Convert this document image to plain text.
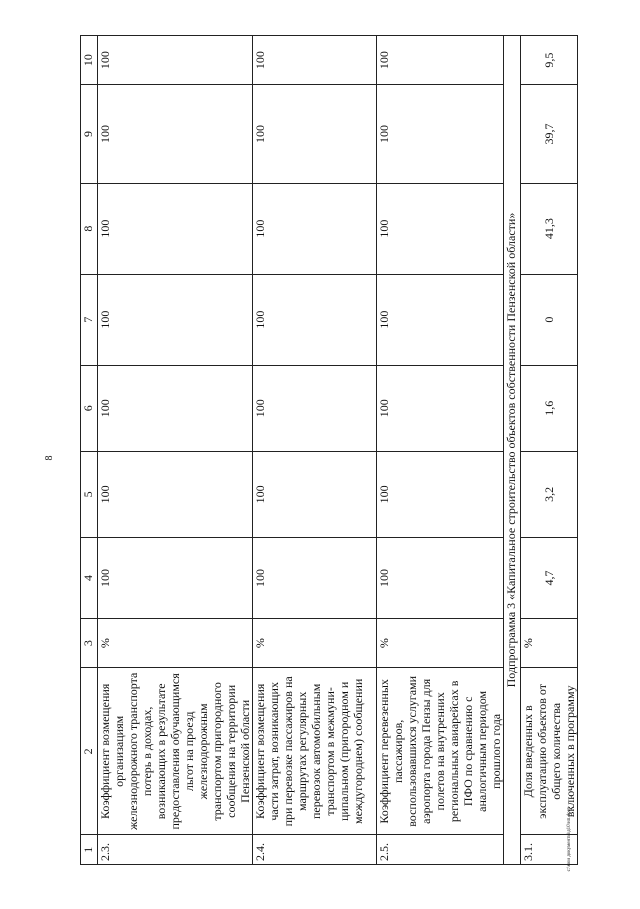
8
c:\мои документы\д10\нп.docx
1	2	3	4	5	6	7	8	9	10
2.3.	Коэффициент возмещения организациям железнодорожного транспорта потерь в доходах, возникающих в результате предоставления обучающимся льгот на проезд железнодорожным транспортом пригородного сообщения на территории Пензенской области	%	100	100	100	100	100	100	100
2.4.	Коэффициент возмещения части затрат, возникающих при перевозке пассажиров на маршрутах регулярных перевозок автомобильным транспортом в межмуни-ципальном (пригородном и междугороднем) сообщении	%	100	100	100	100	100	100	100
2.5.	Коэффициент перевезенных пассажиров, воспользовавшихся услугами аэропорта города Пензы для полетов на внутренних региональных авиарейсах в ПФО по сравнению с аналогичным периодом прошлого года	%	100	100	100	100	100	100	100
Подпрограмма 3 «Капитальное строительство объектов собственности Пензенской области»									
3.1.	Доля введенных в эксплуатацию объектов от общего количества включенных в программу	%	4,7	3,2	1,6	0	41,3	39,7	9,5
